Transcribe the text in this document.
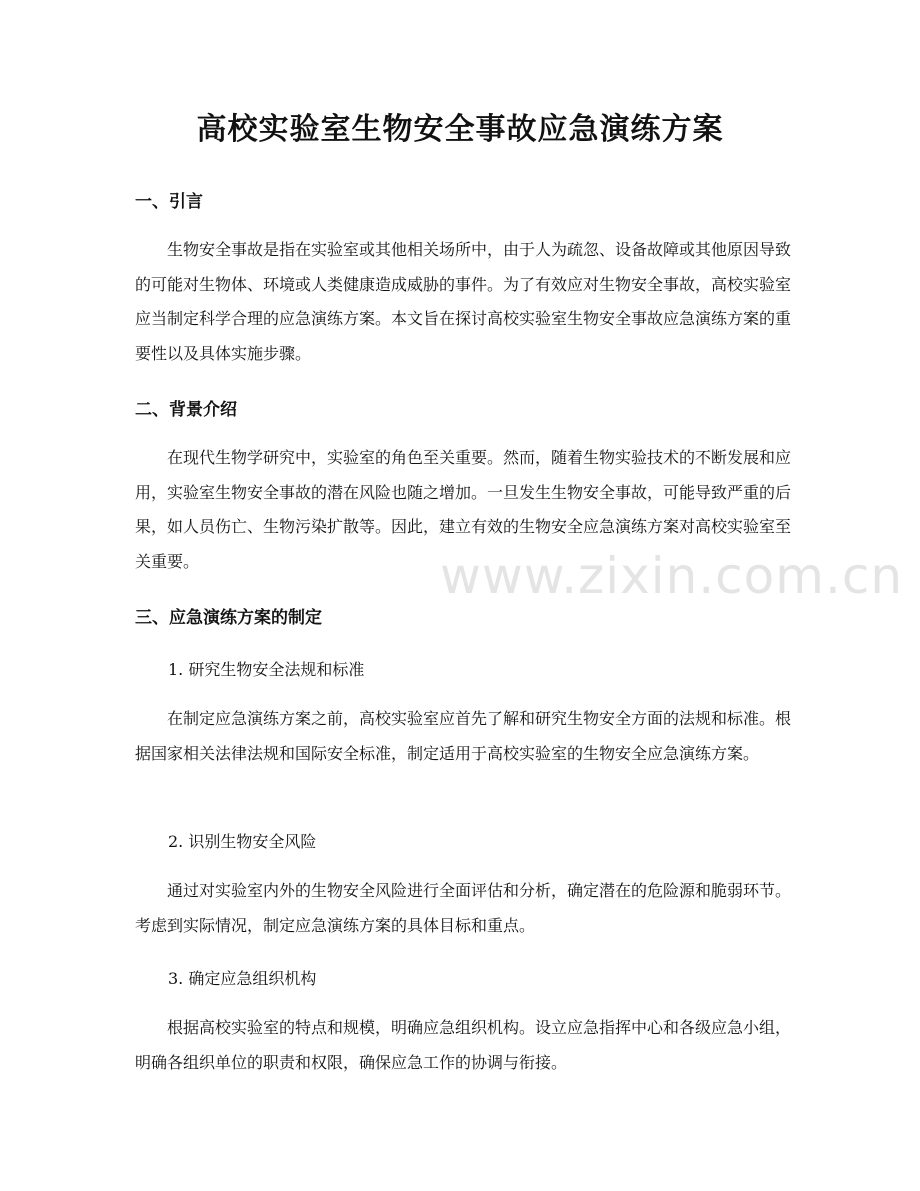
高校实验室生物安全事故应急演练方案
一、引言

生物安全事故是指在实验室或其他相关场所中，由于人为疏忽、设备故障或其他原因导致的可能对生物体、环境或人类健康造成威胁的事件。为了有效应对生物安全事故，高校实验室应当制定科学合理的应急演练方案。本文旨在探讨高校实验室生物安全事故应急演练方案的重要性以及具体实施步骤。

二、背景介绍

在现代生物学研究中，实验室的角色至关重要。然而，随着生物实验技术的不断发展和应用，实验室生物安全事故的潜在风险也随之增加。一旦发生生物安全事故，可能导致严重的后果，如人员伤亡、生物污染扩散等。因此，建立有效的生物安全应急演练方案对高校实验室至关重要。

三、应急演练方案的制定

1. 研究生物安全法规和标准

在制定应急演练方案之前，高校实验室应首先了解和研究生物安全方面的法规和标准。根据国家相关法律法规和国际安全标准，制定适用于高校实验室的生物安全应急演练方案。

2. 识别生物安全风险

通过对实验室内外的生物安全风险进行全面评估和分析，确定潜在的危险源和脆弱环节。考虑到实际情况，制定应急演练方案的具体目标和重点。

3. 确定应急组织机构

根据高校实验室的特点和规模，明确应急组织机构。设立应急指挥中心和各级应急小组，明确各组织单位的职责和权限，确保应急工作的协调与衔接。

www.zixin.com.cn
